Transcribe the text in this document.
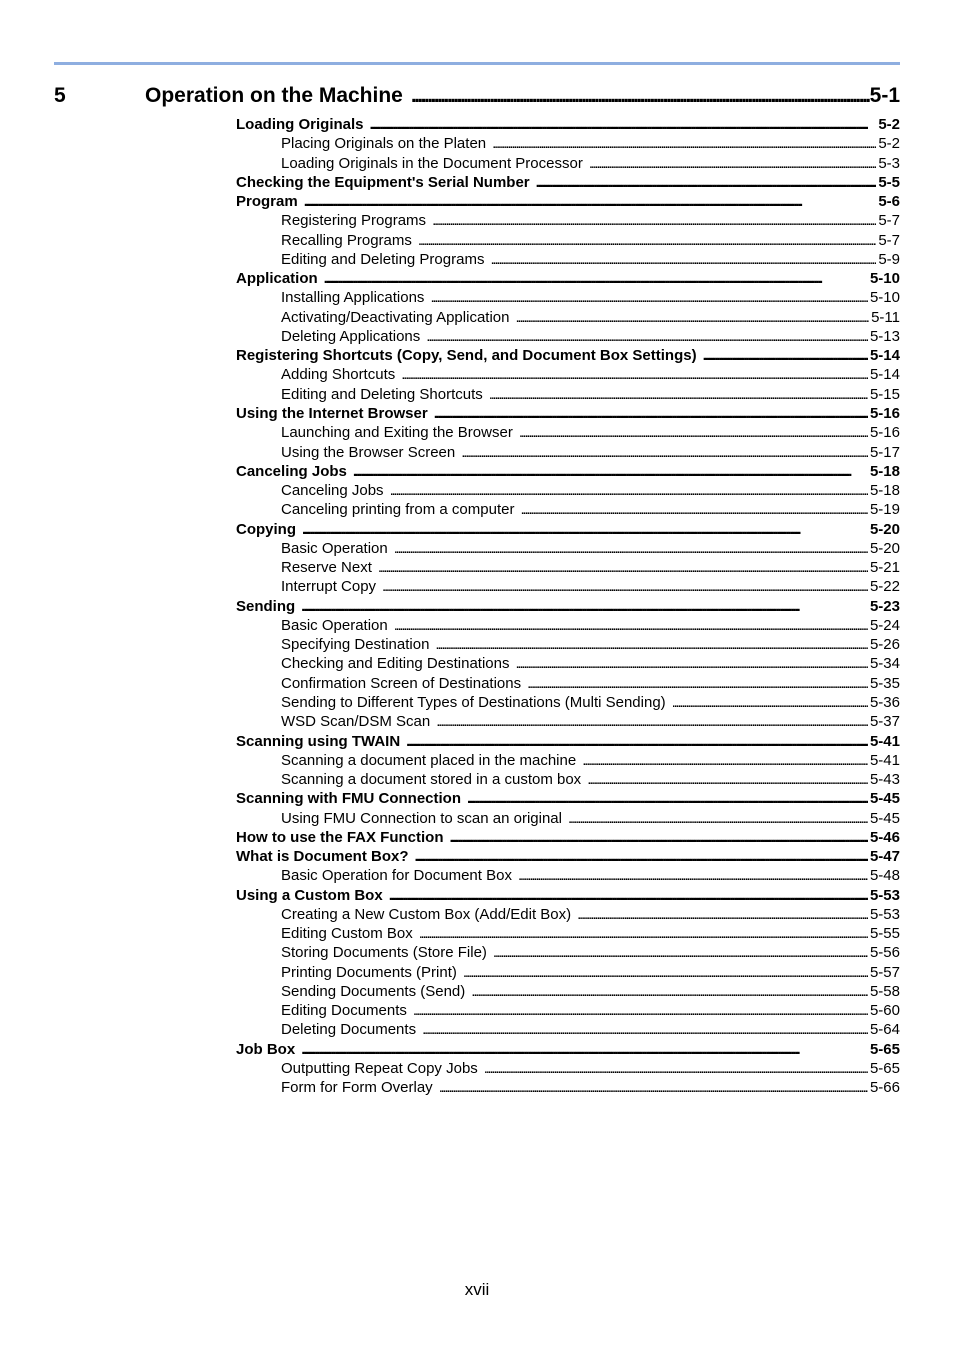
5	Operation on the Machine . . .	5-1
Loading Originals . . .	5-2
Placing Originals on the Platen . . .	5-2
Loading Originals in the Document Processor . . .	5-3
Checking the Equipment's Serial Number . . .	5-5
Program . . .	5-6
Registering Programs . . .	5-7
Recalling Programs . . .	5-7
Editing and Deleting Programs . . .	5-9
Application . . .	5-10
Installing Applications . . .	5-10
Activating/Deactivating Application . . .	5-11
Deleting Applications . . .	5-13
Registering Shortcuts (Copy, Send, and Document Box Settings) . . .	5-14
Adding Shortcuts . . .	5-14
Editing and Deleting Shortcuts . . .	5-15
Using the Internet Browser . . .	5-16
Launching and Exiting the Browser . . .	5-16
Using the Browser Screen . . .	5-17
Canceling Jobs . . .	5-18
Canceling Jobs . . .	5-18
Canceling printing from a computer . . .	5-19
Copying . . .	5-20
Basic Operation . . .	5-20
Reserve Next . . .	5-21
Interrupt Copy . . .	5-22
Sending . . .	5-23
Basic Operation . . .	5-24
Specifying Destination . . .	5-26
Checking and Editing Destinations . . .	5-34
Confirmation Screen of Destinations . . .	5-35
Sending to Different Types of Destinations (Multi Sending) . . .	5-36
WSD Scan/DSM Scan . . .	5-37
Scanning using TWAIN . . .	5-41
Scanning a document placed in the machine . . .	5-41
Scanning a document stored in a custom box . . .	5-43
Scanning with FMU Connection . . .	5-45
Using FMU Connection to scan an original . . .	5-45
How to use the FAX Function . . .	5-46
What is Document Box? . . .	5-47
Basic Operation for Document Box . . .	5-48
Using a Custom Box . . .	5-53
Creating a New Custom Box (Add/Edit Box) . . .	5-53
Editing Custom Box . . .	5-55
Storing Documents (Store File) . . .	5-56
Printing Documents (Print) . . .	5-57
Sending Documents (Send) . . .	5-58
Editing Documents . . .	5-60
Deleting Documents . . .	5-64
Job Box . . .	5-65
Outputting Repeat Copy Jobs . . .	5-65
Form for Form Overlay . . .	5-66
xvii
